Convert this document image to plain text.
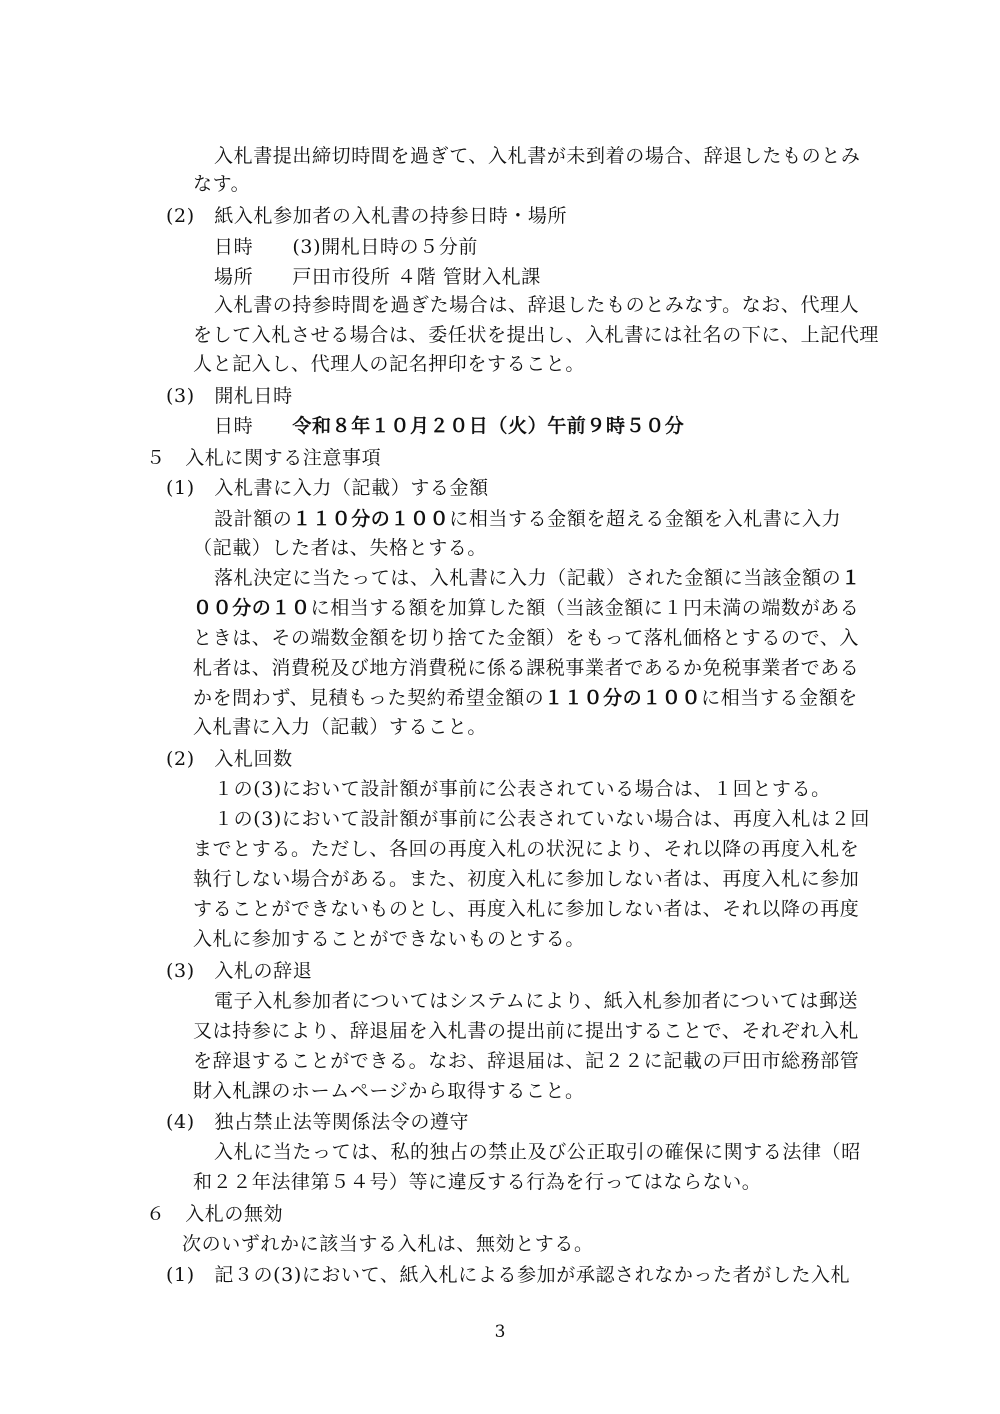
入札書提出締切時間を過ぎて、入札書が未到着の場合、辞退したものとみ
なす。
(2)　紙入札参加者の入札書の持参日時・場所
日時　　(3)開札日時の５分前
場所　　戸田市役所 ４階 管財入札課
入札書の持参時間を過ぎた場合は、辞退したものとみなす。なお、代理人
をして入札させる場合は、委任状を提出し、入札書には社名の下に、上記代理
人と記入し、代理人の記名押印をすること。
(3)　開札日時
日時　　令和８年１０月２０日（火）午前９時５０分
５　入札に関する注意事項
(1)　入札書に入力（記載）する金額
設計額の１１０分の１００に相当する金額を超える金額を入札書に入力
（記載）した者は、失格とする。
落札決定に当たっては、入札書に入力（記載）された金額に当該金額の１
００分の１０に相当する額を加算した額（当該金額に１円未満の端数がある
ときは、その端数金額を切り捨てた金額）をもって落札価格とするので、入
札者は、消費税及び地方消費税に係る課税事業者であるか免税事業者である
かを問わず、見積もった契約希望金額の１１０分の１００に相当する金額を
入札書に入力（記載）すること。
(2)　入札回数
１の(3)において設計額が事前に公表されている場合は、１回とする。
１の(3)において設計額が事前に公表されていない場合は、再度入札は２回
までとする。ただし、各回の再度入札の状況により、それ以降の再度入札を
執行しない場合がある。また、初度入札に参加しない者は、再度入札に参加
することができないものとし、再度入札に参加しない者は、それ以降の再度
入札に参加することができないものとする。
(3)　入札の辞退
電子入札参加者についてはシステムにより、紙入札参加者については郵送
又は持参により、辞退届を入札書の提出前に提出することで、それぞれ入札
を辞退することができる。なお、辞退届は、記２２に記載の戸田市総務部管
財入札課のホームページから取得すること。
(4)　独占禁止法等関係法令の遵守
入札に当たっては、私的独占の禁止及び公正取引の確保に関する法律（昭
和２２年法律第５４号）等に違反する行為を行ってはならない。
６　入札の無効
次のいずれかに該当する入札は、無効とする。
(1)　記３の(3)において、紙入札による参加が承認されなかった者がした入札
3
